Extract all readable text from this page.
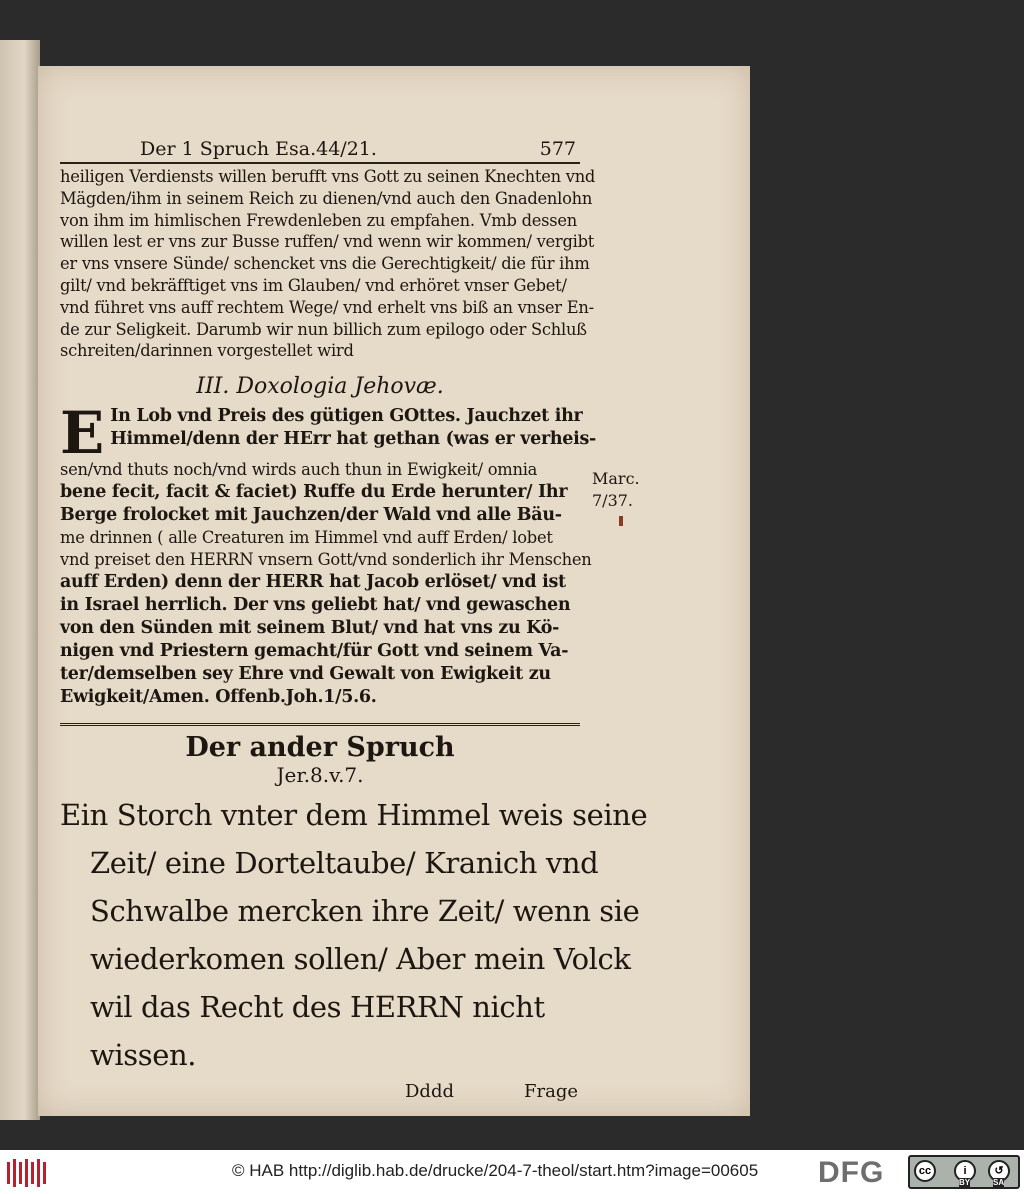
Der 1 Spruch Esa.44/21.	577
heiligen Verdiensts willen berufft vns Gott zu seinen Knechten vnd
Mägden/ihm in seinem Reich zu dienen/vnd auch den Gnadenlohn
von ihm im himlischen Frewdenleben zu empfahen. Vmb dessen
willen lest er vns zur Busse ruffen/ vnd wenn wir kommen/ vergibt
er vns vnsere Sünde/ schencket vns die Gerechtigkeit/ die für ihm
gilt/ vnd bekräfftiget vns im Glauben/ vnd erhöret vnser Gebet/
vnd führet vns auff rechtem Wege/ vnd erhelt vns biß an vnser En-
de zur Seligkeit. Darumb wir nun billich zum epilogo oder Schluß
schreiten/darinnen vorgestellet wird
III. Doxologia Jehovæ.
E In Lob vnd Preis des gütigen GOttes. Jauchzet ihr
Himmel/denn der HErr hat gethan (was er verheis-
sen/vnd thuts noch/vnd wirds auch thun in Ewigkeit/ omnia
bene fecit, facit & faciet) Ruffe du Erde herunter/ Ihr
Berge frolocket mit Jauchzen/der Wald vnd alle Bäu-
me drinnen ( alle Creaturen im Himmel vnd auff Erden/ lobet
vnd preiset den HERRN vnsern Gott/vnd sonderlich ihr Menschen
auff Erden) denn der HERR hat Jacob erlöset/ vnd ist
in Israel herrlich. Der vns geliebt hat/ vnd gewaschen
von den Sünden mit seinem Blut/ vnd hat vns zu Kö-
nigen vnd Priestern gemacht/für Gott vnd seinem Va-
ter/demselben sey Ehre vnd Gewalt von Ewigkeit zu
Ewigkeit/Amen. Offenb.Joh.1/5.6.
Der ander Spruch
Jer.8.v.7.
Ein Storch vnter dem Himmel weis seine
Zeit/ eine Dorteltaube/ Kranich vnd
Schwalbe mercken ihre Zeit/ wenn sie
wiederkomen sollen/ Aber mein Volck
wil das Recht des HERRN nicht
wissen.
Dddd	Frage
Marc.
7/37.
© HAB http://diglib.hab.de/drucke/204-7-theol/start.htm?image=00605 DFG	cc	i	↺
BY	SA
